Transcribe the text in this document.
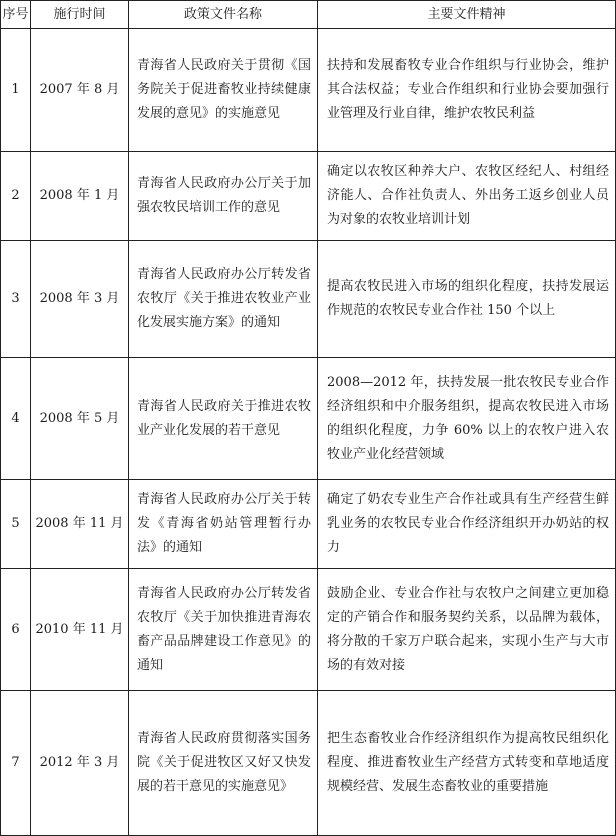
序号	施行时间	政策文件名称	主要文件精神
1	2007 年 8 月	青海省人民政府关于贯彻《国务院关于促进畜牧业持续健康发展的意见》的实施意见	扶持和发展畜牧专业合作组织与行业协会，维护其合法权益；专业合作组织和行业协会要加强行业管理及行业自律，维护农牧民利益
2	2008 年 1 月	青海省人民政府办公厅关于加强农牧民培训工作的意见	确定以农牧区种养大户、农牧区经纪人、村组经济能人、合作社负责人、外出务工返乡创业人员为对象的农牧业培训计划
3	2008 年 3 月	青海省人民政府办公厅转发省农牧厅《关于推进农牧业产业化发展实施方案》的通知	提高农牧民进入市场的组织化程度，扶持发展运作规范的农牧民专业合作社 150 个以上
4	2008 年 5 月	青海省人民政府关于推进农牧业产业化发展的若干意见	2008—2012 年，扶持发展一批农牧民专业合作经济组织和中介服务组织，提高农牧民进入市场的组织化程度，力争 60% 以上的农牧户进入农牧业产业化经营领域
5	2008 年 11 月	青海省人民政府办公厅关于转发《青海省奶站管理暂行办法》的通知	确定了奶农专业生产合作社或具有生产经营生鲜乳业务的农牧民专业合作经济组织开办奶站的权力
6	2010 年 11 月	青海省人民政府办公厅转发省农牧厅《关于加快推进青海农畜产品品牌建设工作意见》的通知	鼓励企业、专业合作社与农牧户之间建立更加稳定的产销合作和服务契约关系，以品牌为载体，将分散的千家万户联合起来，实现小生产与大市场的有效对接
7	2012 年 3 月	青海省人民政府贯彻落实国务院《关于促进牧区又好又快发展的若干意见的实施意见》	把生态畜牧业合作经济组织作为提高牧民组织化程度、推进畜牧业生产经营方式转变和草地适度规模经营、发展生态畜牧业的重要措施
